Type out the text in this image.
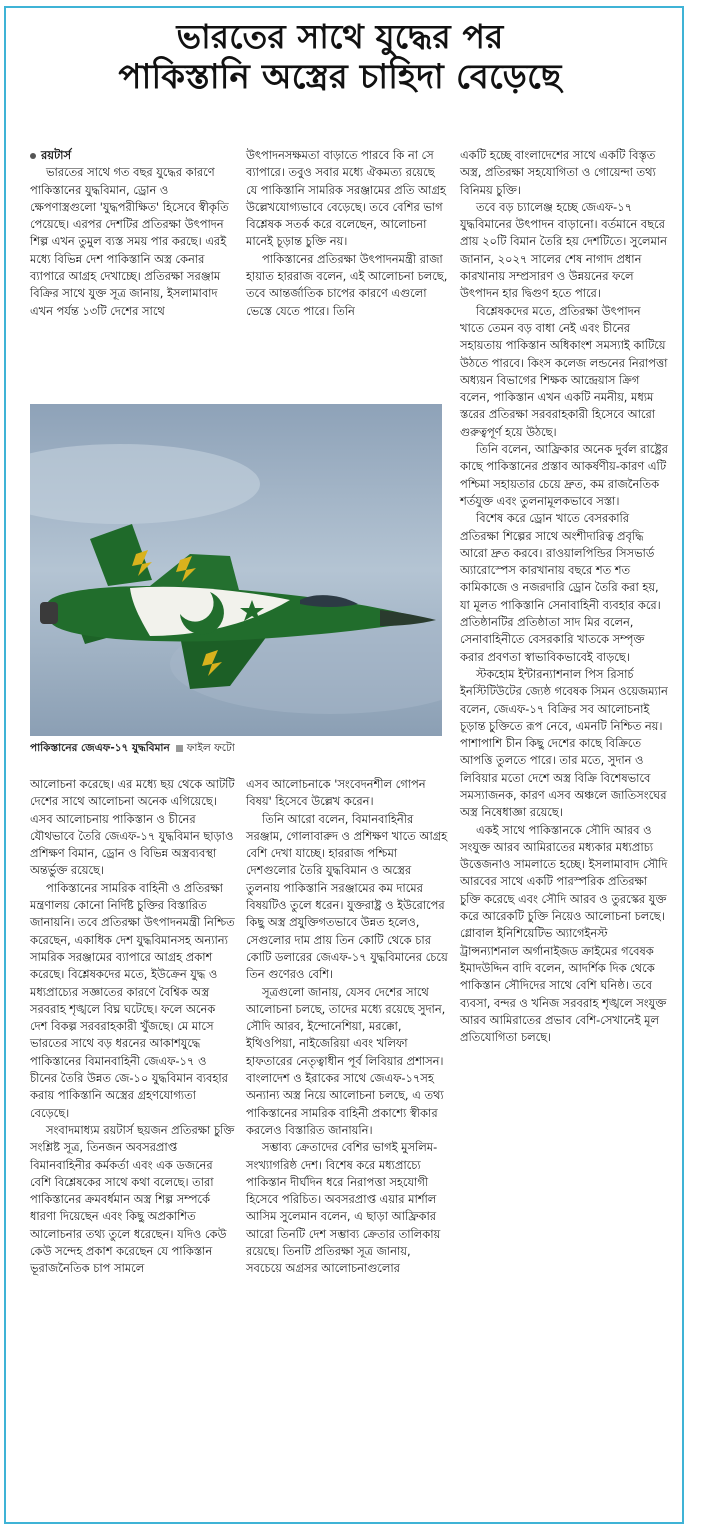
ভারতের সাথে যুদ্ধের পর
পাকিস্তানি অস্ত্রের চাহিদা বেড়েছে

রয়টার্স

ভারতের সাথে গত বছর যুদ্ধের কারণে পাকিস্তানের যুদ্ধবিমান, ড্রোন ও ক্ষেপণাস্ত্রগুলো 'যুদ্ধপরীক্ষিত' হিসেবে স্বীকৃতি পেয়েছে। এরপর দেশটির প্রতিরক্ষা উৎপাদন শিল্প এখন তুমুল ব্যস্ত সময় পার করছে। এরই মধ্যে বিভিন্ন দেশ পাকিস্তানি অস্ত্র কেনার ব্যাপারে আগ্রহ দেখাচ্ছে। প্রতিরক্ষা সরঞ্জাম বিক্রির সাথে যুক্ত সূত্র জানায়, ইসলামাবাদ এখন পর্যন্ত ১৩টি দেশের সাথে

উৎপাদনসক্ষমতা বাড়াতে পারবে কি না সে ব্যাপারে। তবুও সবার মধ্যে ঐকমত্য রয়েছে যে পাকিস্তানি সামরিক সরঞ্জামের প্রতি আগ্রহ উল্লেখযোগ্যভাবে বেড়েছে। তবে বেশির ভাগ বিশ্লেষক সতর্ক করে বলেছেন, আলোচনা মানেই চূড়ান্ত চুক্তি নয়।

পাকিস্তানের প্রতিরক্ষা উৎপাদনমন্ত্রী রাজা হায়াত হাররাজ বলেন, এই আলোচনা চলছে, তবে আন্তর্জাতিক চাপের কারণে এগুলো ভেস্তে যেতে পারে। তিনি

একটি হচ্ছে বাংলাদেশের সাথে একটি বিস্তৃত অস্ত্র, প্রতিরক্ষা সহযোগিতা ও গোয়েন্দা তথ্য বিনিময় চুক্তি।

তবে বড় চ্যালেঞ্জ হচ্ছে জেএফ-১৭ যুদ্ধবিমানের উৎপাদন বাড়ানো। বর্তমানে বছরে প্রায় ২০টি বিমান তৈরি হয় দেশটিতে। সুলেমান জানান, ২০২৭ সালের শেষ নাগাদ প্রধান কারখানায় সম্প্রসারণ ও উন্নয়নের ফলে উৎপাদন হার দ্বিগুণ হতে পারে।

বিশ্লেষকদের মতে, প্রতিরক্ষা উৎপাদন খাতে তেমন বড় বাধা নেই এবং চীনের সহায়তায় পাকিস্তান অধিকাংশ সমস্যাই কাটিয়ে উঠতে পারবে। কিংস কলেজ লন্ডনের নিরাপত্তা অধ্যয়ন বিভাগের শিক্ষক আন্দ্রেয়াস ক্রিগ বলেন, পাকিস্তান এখন একটি নমনীয়, মধ্যম স্তরের প্রতিরক্ষা সরবরাহকারী হিসেবে আরো গুরুত্বপূর্ণ হয়ে উঠছে।

তিনি বলেন, আফ্রিকার অনেক দুর্বল রাষ্ট্রের কাছে পাকিস্তানের প্রস্তাব আকর্ষণীয়-কারণ এটি পশ্চিমা সহায়তার চেয়ে দ্রুত, কম রাজনৈতিক শর্তযুক্ত এবং তুলনামূলকভাবে সস্তা।

বিশেষ করে ড্রোন খাতে বেসরকারি প্রতিরক্ষা শিল্পের সাথে অংশীদারিত্ব প্রবৃদ্ধি আরো দ্রুত করবে। রাওয়ালপিন্ডির সিসভার্ড অ্যারোস্পেস কারখানায় বছরে শত শত কামিকাজে ও নজরদারি ড্রোন তৈরি করা হয়, যা মূলত পাকিস্তানি সেনাবাহিনী ব্যবহার করে। প্রতিষ্ঠানটির প্রতিষ্ঠাতা সাদ মির বলেন, সেনাবাহিনীতে বেসরকারি খাতকে সম্পৃক্ত করার প্রবণতা স্বাভাবিকভাবেই বাড়ছে।

স্টকহোম ইন্টারন্যাশনাল পিস রিসার্চ ইনস্টিটিউটের জ্যেষ্ঠ গবেষক সিমন ওয়েজম্যান বলেন, জেএফ-১৭ বিক্রির সব আলোচনাই চূড়ান্ত চুক্তিতে রূপ নেবে, এমনটি নিশ্চিত নয়। পাশাপাশি চীন কিছু দেশের কাছে বিক্রিতে আপত্তি তুলতে পারে। তার মতে, সুদান ও লিবিয়ার মতো দেশে অস্ত্র বিক্রি বিশেষভাবে সমস্যাজনক, কারণ এসব অঞ্চলে জাতিসংঘের অস্ত্র নিষেধাজ্ঞা রয়েছে।

একই সাথে পাকিস্তানকে সৌদি আরব ও সংযুক্ত আরব আমিরাতের মধ্যকার মধ্যপ্রাচ্য উত্তেজনাও সামলাতে হচ্ছে। ইসলামাবাদ সৌদি আরবের সাথে একটি পারস্পরিক প্রতিরক্ষা চুক্তি করেছে এবং সৌদি আরব ও তুরস্কের যুক্ত করে আরেকটি চুক্তি নিয়েও আলোচনা চলছে। গ্লোবাল ইনিশিয়েটিভ অ্যাগেইনস্ট ট্রান্সন্যাশনাল অর্গানাইজড ক্রাইমের গবেষক ইমাদউদ্দিন বাদি বলেন, আদর্শিক দিক থেকে পাকিস্তান সৌদিদের সাথে বেশি ঘনিষ্ঠ। তবে ব্যবসা, বন্দর ও খনিজ সরবরাহ শৃঙ্খলে সংযুক্ত আরব আমিরাতের প্রভাব বেশি-সেখানেই মূল প্রতিযোগিতা চলছে।

পাকিস্তানের জেএফ-১৭ যুদ্ধবিমান ফাইল ফটো

আলোচনা করেছে। এর মধ্যে ছয় থেকে আটটি দেশের সাথে আলোচনা অনেক এগিয়েছে। এসব আলোচনায় পাকিস্তান ও চীনের যৌথভাবে তৈরি জেএফ-১৭ যুদ্ধবিমান ছাড়াও প্রশিক্ষণ বিমান, ড্রোন ও বিভিন্ন অস্ত্রব্যবস্থা অন্তর্ভুক্ত রয়েছে।

পাকিস্তানের সামরিক বাহিনী ও প্রতিরক্ষা মন্ত্রণালয় কোনো নির্দিষ্ট চুক্তির বিস্তারিত জানায়নি। তবে প্রতিরক্ষা উৎপাদনমন্ত্রী নিশ্চিত করেছেন, একাধিক দেশ যুদ্ধবিমানসহ অন্যান্য সামরিক সরঞ্জামের ব্যাপারে আগ্রহ প্রকাশ করেছে। বিশ্লেষকদের মতে, ইউক্রেন যুদ্ধ ও মধ্যপ্রাচ্যের সজ্ঞাতের কারণে বৈশ্বিক অস্ত্র সরবরাহ শৃঙ্খলে বিঘ্ন ঘটেছে। ফলে অনেক দেশ বিকল্প সরবরাহকারী খুঁজছে। মে মাসে ভারতের সাথে বড় ধরনের আকাশযুদ্ধে পাকিস্তানের বিমানবাহিনী জেএফ-১৭ ও চীনের তৈরি উন্নত জে-১০ যুদ্ধবিমান ব্যবহার করায় পাকিস্তানি অস্ত্রের গ্রহণযোগ্যতা বেড়েছে।

সংবাদমাধ্যম রয়টার্স ছয়জন প্রতিরক্ষা চুক্তি সংশ্লিষ্ট সূত্র, তিনজন অবসরপ্রাপ্ত বিমানবাহিনীর কর্মকর্তা এবং এক ডজনের বেশি বিশ্লেষকের সাথে কথা বলেছে। তারা পাকিস্তানের ক্রমবর্ধমান অস্ত্র শিল্প সম্পর্কে ধারণা দিয়েছেন এবং কিছু অপ্রকাশিত আলোচনার তথ্য তুলে ধরেছেন। যদিও কেউ কেউ সন্দেহ প্রকাশ করেছেন যে পাকিস্তান ভূরাজনৈতিক চাপ সামলে

এসব আলোচনাকে 'সংবেদনশীল গোপন বিষয়' হিসেবে উল্লেখ করেন।

তিনি আরো বলেন, বিমানবাহিনীর সরঞ্জাম, গোলাবারুদ ও প্রশিক্ষণ খাতে আগ্রহ বেশি দেখা যাচ্ছে। হাররাজ পশ্চিমা দেশগুলোর তৈরি যুদ্ধবিমান ও অস্ত্রের তুলনায় পাকিস্তানি সরঞ্জামের কম দামের বিষয়টিও তুলে ধরেন। যুক্তরাষ্ট্র ও ইউরোপের কিছু অস্ত্র প্রযুক্তিগতভাবে উন্নত হলেও, সেগুলোর দাম প্রায় তিন কোটি থেকে চার কোটি ডলারের জেএফ-১৭ যুদ্ধবিমানের চেয়ে তিন গুণেরও বেশি।

সূত্রগুলো জানায়, যেসব দেশের সাথে আলোচনা চলছে, তাদের মধ্যে রয়েছে সুদান, সৌদি আরব, ইন্দোনেশিয়া, মরক্কো, ইথিওপিয়া, নাইজেরিয়া এবং খলিফা হাফতারের নেতৃত্বাধীন পূর্ব লিবিয়ার প্রশাসন। বাংলাদেশ ও ইরাকের সাথে জেএফ-১৭সহ অন্যান্য অস্ত্র নিয়ে আলোচনা চলছে, এ তথ্য পাকিস্তানের সামরিক বাহিনী প্রকাশ্যে স্বীকার করলেও বিস্তারিত জানায়নি।

সম্ভাব্য ক্রেতাদের বেশির ভাগই মুসলিম-সংখ্যাগরিষ্ঠ দেশ। বিশেষ করে মধ্যপ্রাচ্যে পাকিস্তান দীর্ঘদিন ধরে নিরাপত্তা সহযোগী হিসেবে পরিচিত। অবসরপ্রাপ্ত এয়ার মার্শাল আসিম সুলেমান বলেন, এ ছাড়া আফ্রিকার আরো তিনটি দেশ সম্ভাব্য ক্রেতার তালিকায় রয়েছে। তিনটি প্রতিরক্ষা সূত্র জানায়, সবচেয়ে অগ্রসর আলোচনাগুলোর
